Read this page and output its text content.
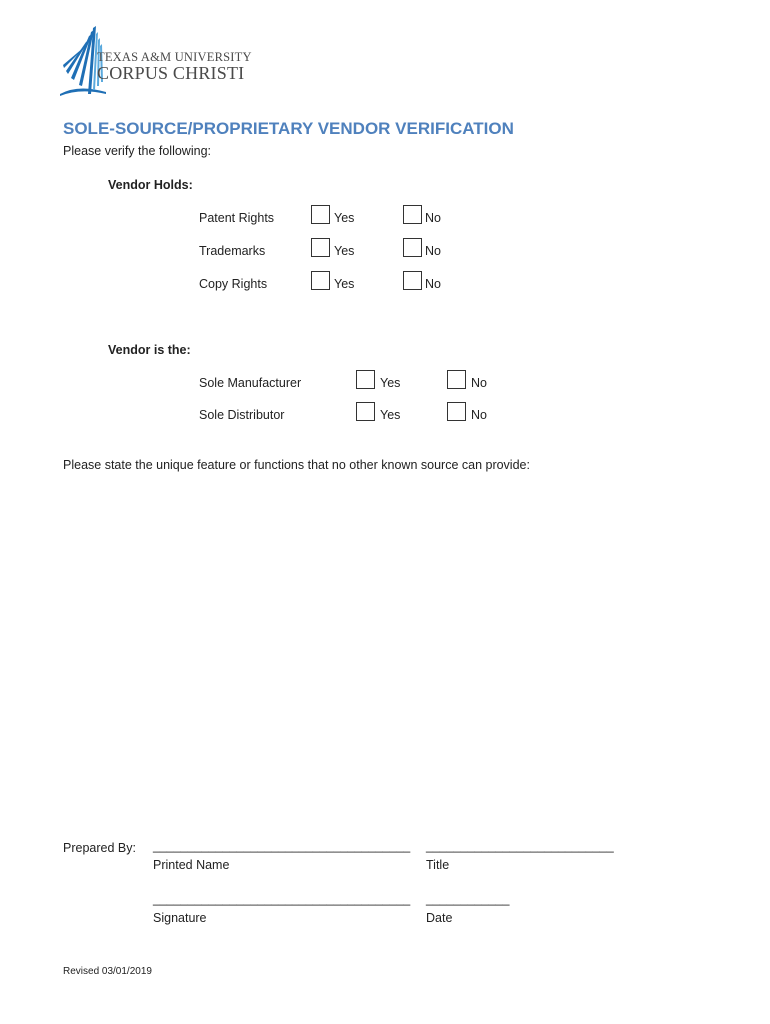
TEXAS A&M UNIVERSITY
CORPUS CHRISTI
SOLE-SOURCE/PROPRIETARY VENDOR VERIFICATION
Please verify the following:
Vendor Holds:
Patent Rights	Yes	No
Trademarks	Yes	No
Copy Rights	Yes	No
Vendor is the:
Sole Manufacturer	Yes	No
Sole Distributor	Yes	No
Please state the unique feature or functions that no other known source can provide:
Prepared By: _____________________________________ ___________________________
Printed Name	Title
_____________________________________ ____________
Signature	Date
Revised 03/01/2019
